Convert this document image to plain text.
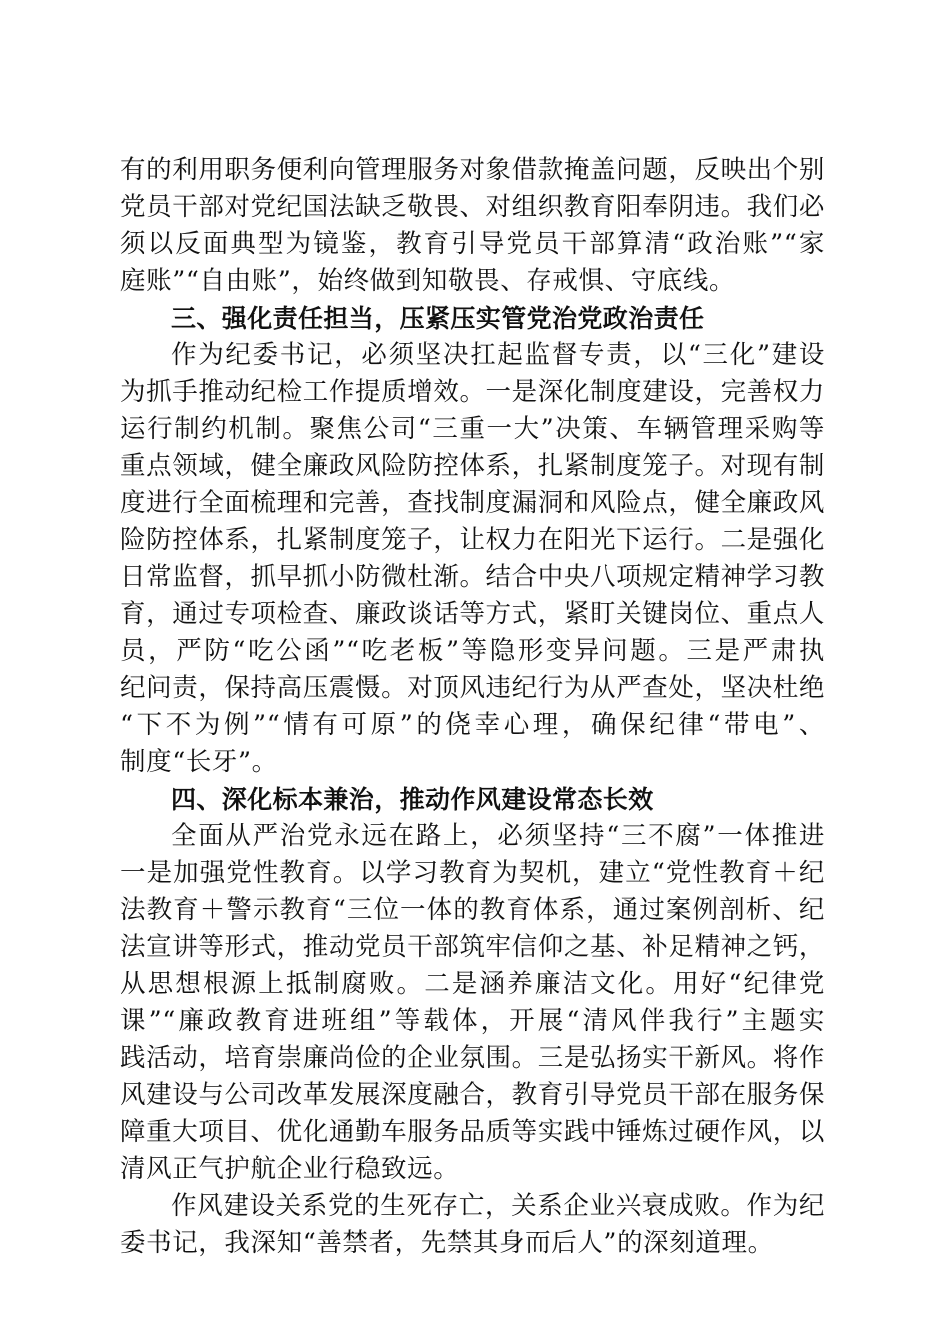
有的利用职务便利向管理服务对象借款掩盖问题，反映出个别
党员干部对党纪国法缺乏敬畏、对组织教育阳奉阴违。我们必
须以反面典型为镜鉴，教育引导党员干部算清“政治账”“家
庭账”“自由账”，始终做到知敬畏、存戒惧、守底线。
三、强化责任担当，压紧压实管党治党政治责任
作为纪委书记，必须坚决扛起监督专责，以“三化”建设
为抓手推动纪检工作提质增效。一是深化制度建设，完善权力
运行制约机制。聚焦公司“三重一大”决策、车辆管理采购等
重点领域，健全廉政风险防控体系，扎紧制度笼子。对现有制
度进行全面梳理和完善，查找制度漏洞和风险点，健全廉政风
险防控体系，扎紧制度笼子，让权力在阳光下运行。二是强化
日常监督，抓早抓小防微杜渐。结合中央八项规定精神学习教
育，通过专项检查、廉政谈话等方式，紧盯关键岗位、重点人
员，严防“吃公函”“吃老板”等隐形变异问题。三是严肃执
纪问责，保持高压震慑。对顶风违纪行为从严查处，坚决杜绝
“下不为例”“情有可原”的侥幸心理，确保纪律“带电”、
制度“长牙”。
四、深化标本兼治，推动作风建设常态长效
全面从严治党永远在路上，必须坚持“三不腐”一体推进
一是加强党性教育。以学习教育为契机，建立“党性教育＋纪
法教育＋警示教育“三位一体的教育体系，通过案例剖析、纪
法宣讲等形式，推动党员干部筑牢信仰之基、补足精神之钙，
从思想根源上抵制腐败。二是涵养廉洁文化。用好“纪律党
课”“廉政教育进班组”等载体，开展“清风伴我行”主题实
践活动，培育崇廉尚俭的企业氛围。三是弘扬实干新风。将作
风建设与公司改革发展深度融合，教育引导党员干部在服务保
障重大项目、优化通勤车服务品质等实践中锤炼过硬作风，以
清风正气护航企业行稳致远。
作风建设关系党的生死存亡，关系企业兴衰成败。作为纪
委书记，我深知“善禁者，先禁其身而后人”的深刻道理。
